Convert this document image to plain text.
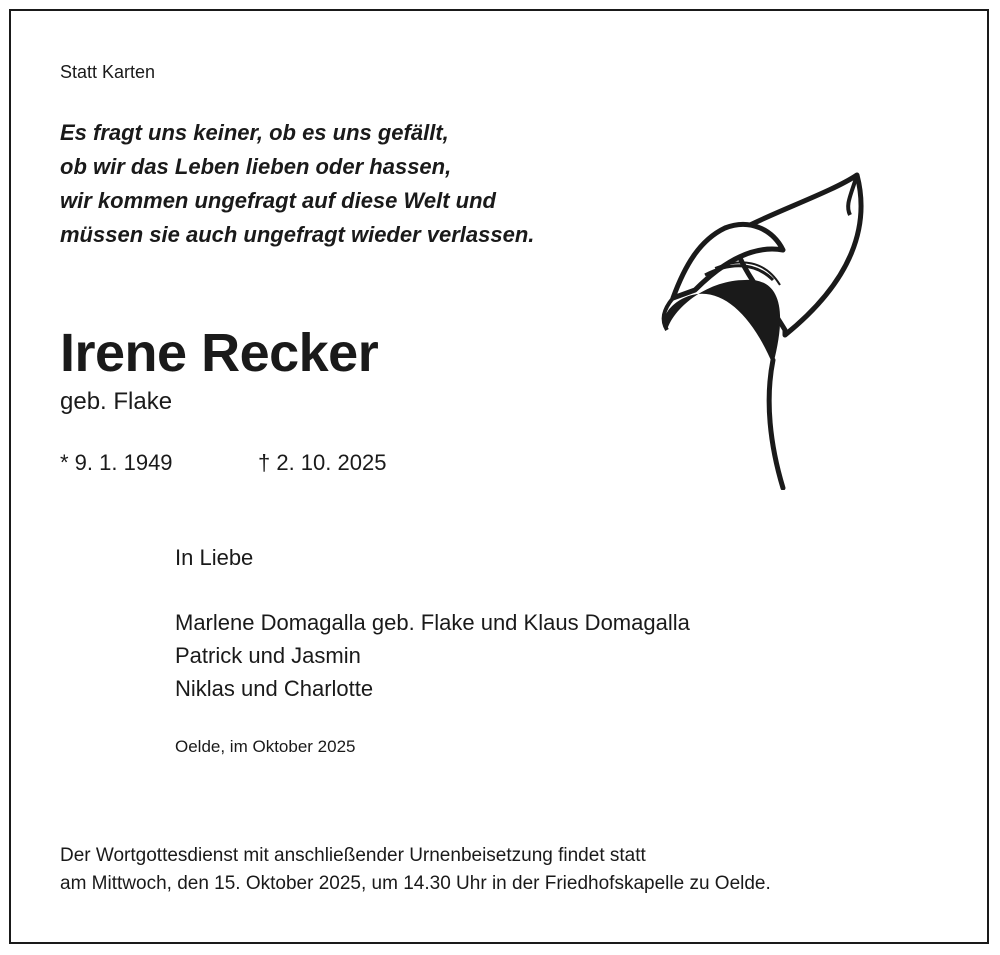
Statt Karten
Es fragt uns keiner, ob es uns gefällt,
ob wir das Leben lieben oder hassen,
wir kommen ungefragt auf diese Welt und
müssen sie auch ungefragt wieder verlassen.
Irene Recker
geb. Flake
* 9. 1. 1949	† 2. 10. 2025
In Liebe
Marlene Domagalla geb. Flake und Klaus Domagalla
Patrick und Jasmin
Niklas und Charlotte
Oelde, im Oktober 2025
Der Wortgottesdienst mit anschließender Urnenbeisetzung findet statt
am Mittwoch, den 15. Oktober 2025, um 14.30 Uhr in der Friedhofskapelle zu Oelde.
